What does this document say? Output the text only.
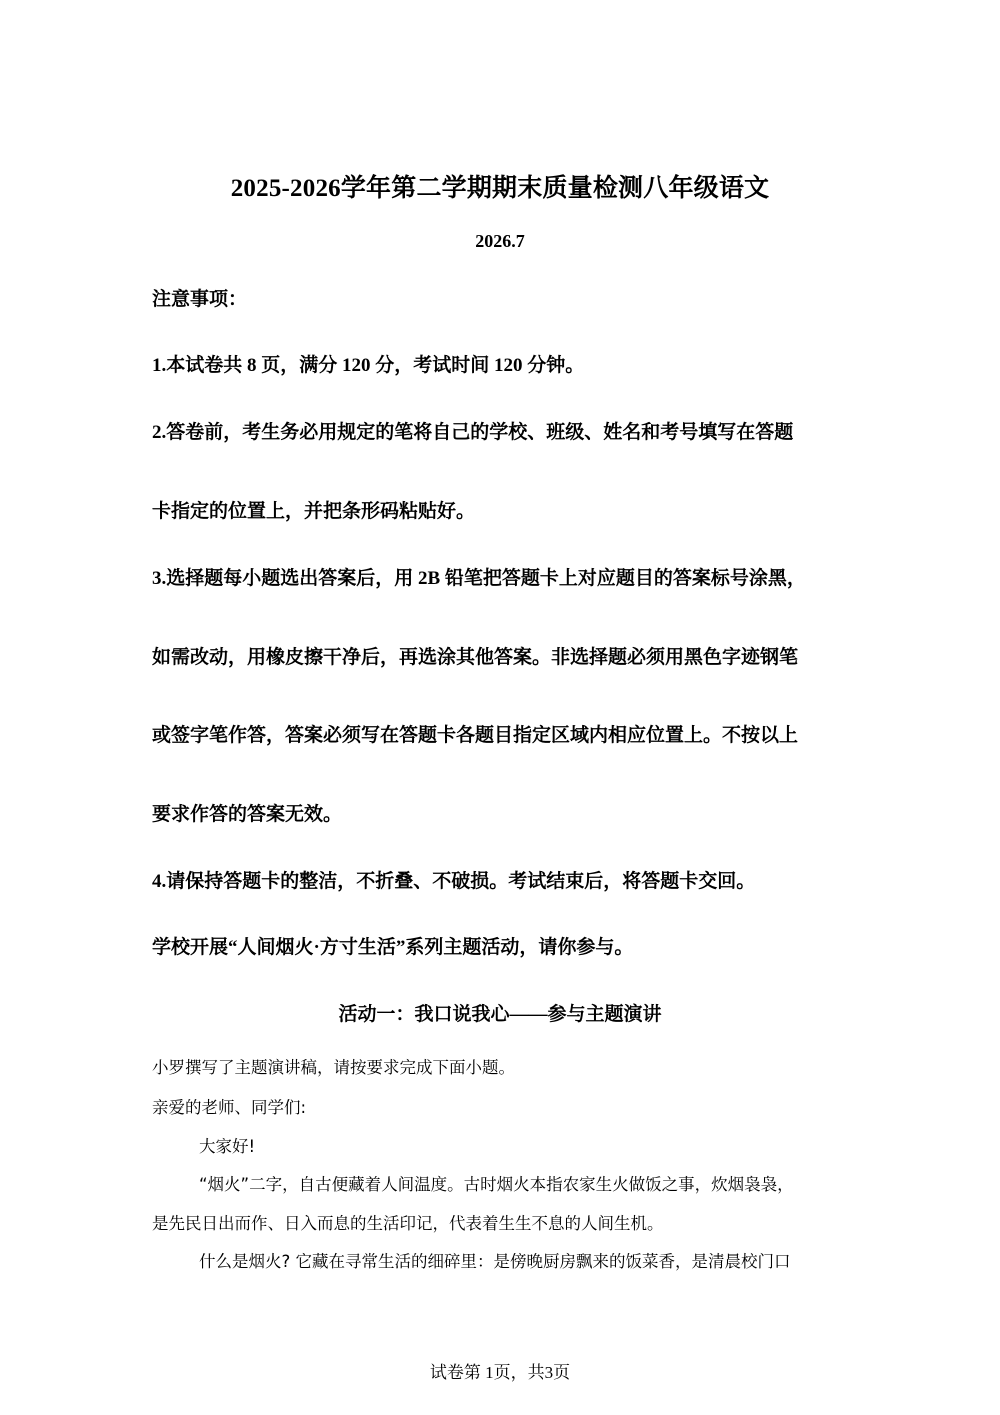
2025-2026学年第二学期期末质量检测八年级语文
2026.7
注意事项：
1.本试卷共 8 页，满分 120 分，考试时间 120 分钟。
2.答卷前，考生务必用规定的笔将自己的学校、班级、姓名和考号填写在答题
卡指定的位置上，并把条形码粘贴好。
3.选择题每小题选出答案后，用 2B 铅笔把答题卡上对应题目的答案标号涂黑，
如需改动，用橡皮擦干净后，再选涂其他答案。非选择题必须用黑色字迹钢笔
或签字笔作答，答案必须写在答题卡各题目指定区域内相应位置上。不按以上
要求作答的答案无效。
4.请保持答题卡的整洁，不折叠、不破损。考试结束后，将答题卡交回。
学校开展“人间烟火·方寸生活”系列主题活动，请你参与。
活动一：我口说我心——参与主题演讲
小罗撰写了主题演讲稿，请按要求完成下面小题。
亲爱的老师、同学们:
大家好!
“烟火”二字，自古便藏着人间温度。古时烟火本指农家生火做饭之事，炊烟袅袅，
是先民日出而作、日入而息的生活印记，代表着生生不息的人间生机。
什么是烟火? 它藏在寻常生活的细碎里：是傍晚厨房飘来的饭菜香，是清晨校门口
试卷第 1页，共3页
